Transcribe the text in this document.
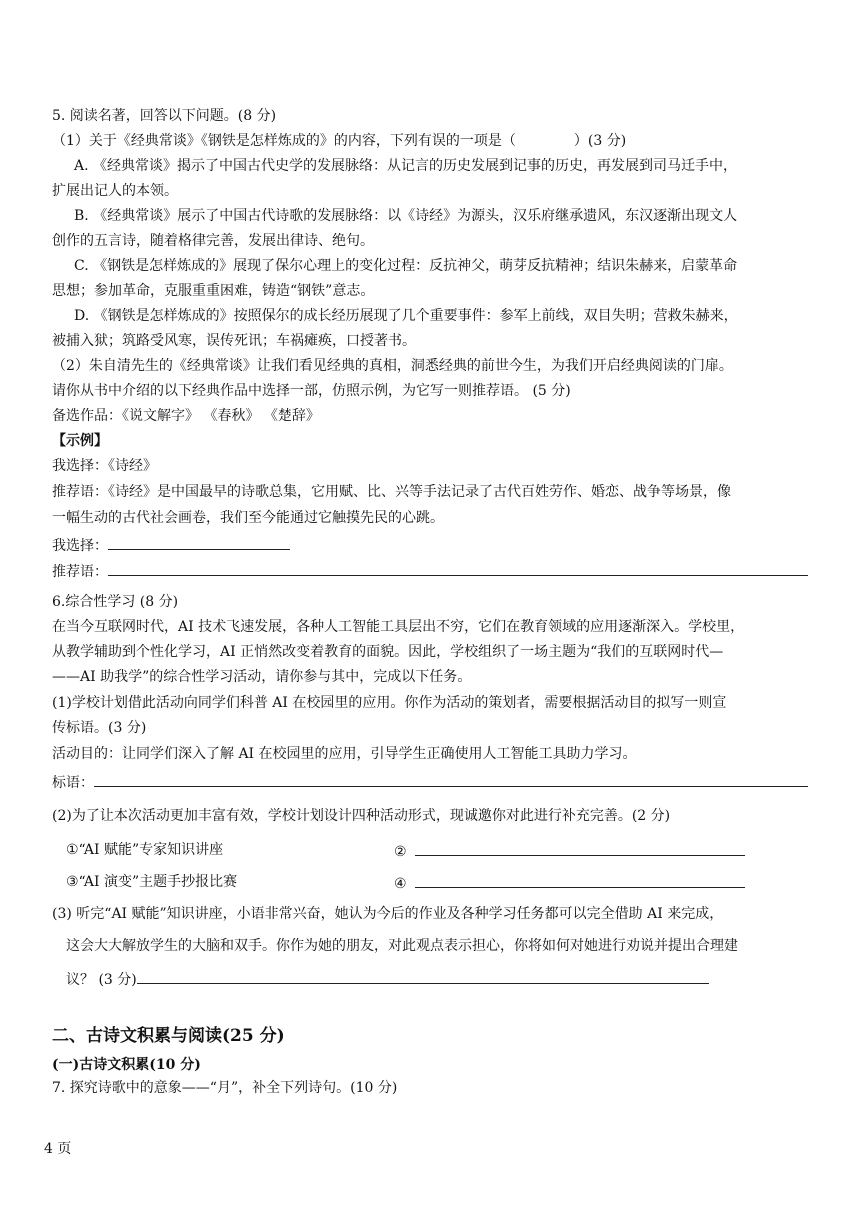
5. 阅读名著，回答以下问题。(8 分)
（1）关于《经典常谈》《钢铁是怎样炼成的》的内容，下列有误的一项是（	）(3 分)
A. 《经典常谈》揭示了中国古代史学的发展脉络：从记言的历史发展到记事的历史，再发展到司马迁手中，
扩展出记人的本领。
B. 《经典常谈》展示了中国古代诗歌的发展脉络：以《诗经》为源头，汉乐府继承遗风，东汉逐渐出现文人
创作的五言诗，随着格律完善，发展出律诗、绝句。
C. 《钢铁是怎样炼成的》展现了保尔心理上的变化过程：反抗神父，萌芽反抗精神；结识朱赫来，启蒙革命
思想；参加革命，克服重重困难，铸造“钢铁”意志。
D. 《钢铁是怎样炼成的》按照保尔的成长经历展现了几个重要事件：参军上前线，双目失明；营救朱赫来，
被捕入狱；筑路受风寒，误传死讯；车祸瘫痪，口授著书。
（2）朱自清先生的《经典常谈》让我们看见经典的真相，洞悉经典的前世今生，为我们开启经典阅读的门扉。
请你从书中介绍的以下经典作品中选择一部，仿照示例，为它写一则推荐语。 (5 分)
备选作品：《说文解字》 《春秋》 《楚辞》
【示例】
我选择：《诗经》
推荐语：《诗经》是中国最早的诗歌总集，它用赋、比、兴等手法记录了古代百姓劳作、婚恋、战争等场景，像
一幅生动的古代社会画卷，我们至今能通过它触摸先民的心跳。
我选择：
推荐语：
6.综合性学习 (8 分)
在当今互联网时代，AI 技术飞速发展，各种人工智能工具层出不穷，它们在教育领域的应用逐渐深入。学校里，
从教学辅助到个性化学习，AI 正悄然改变着教育的面貌。因此，学校组织了一场主题为“我们的互联网时代—
——AI 助我学”的综合性学习活动，请你参与其中，完成以下任务。
(1)学校计划借此活动向同学们科普 AI 在校园里的应用。你作为活动的策划者，需要根据活动目的拟写一则宣
传标语。(3 分)
活动目的：让同学们深入了解 AI 在校园里的应用，引导学生正确使用人工智能工具助力学习。
标语：
(2)为了让本次活动更加丰富有效，学校计划设计四种活动形式，现诚邀你对此进行补充完善。(2 分)
①“AI 赋能”专家知识讲座	②
③“AI 演变”主题手抄报比赛	④
(3) 听完“AI 赋能”知识讲座，小语非常兴奋，她认为今后的作业及各种学习任务都可以完全借助 AI 来完成，
这会大大解放学生的大脑和双手。你作为她的朋友，对此观点表示担心，你将如何对她进行劝说并提出合理建
议？ (3 分)
二、古诗文积累与阅读(25 分)
(一)古诗文积累(10 分)
7. 探究诗歌中的意象——“月”，补全下列诗句。(10 分)
4 页
